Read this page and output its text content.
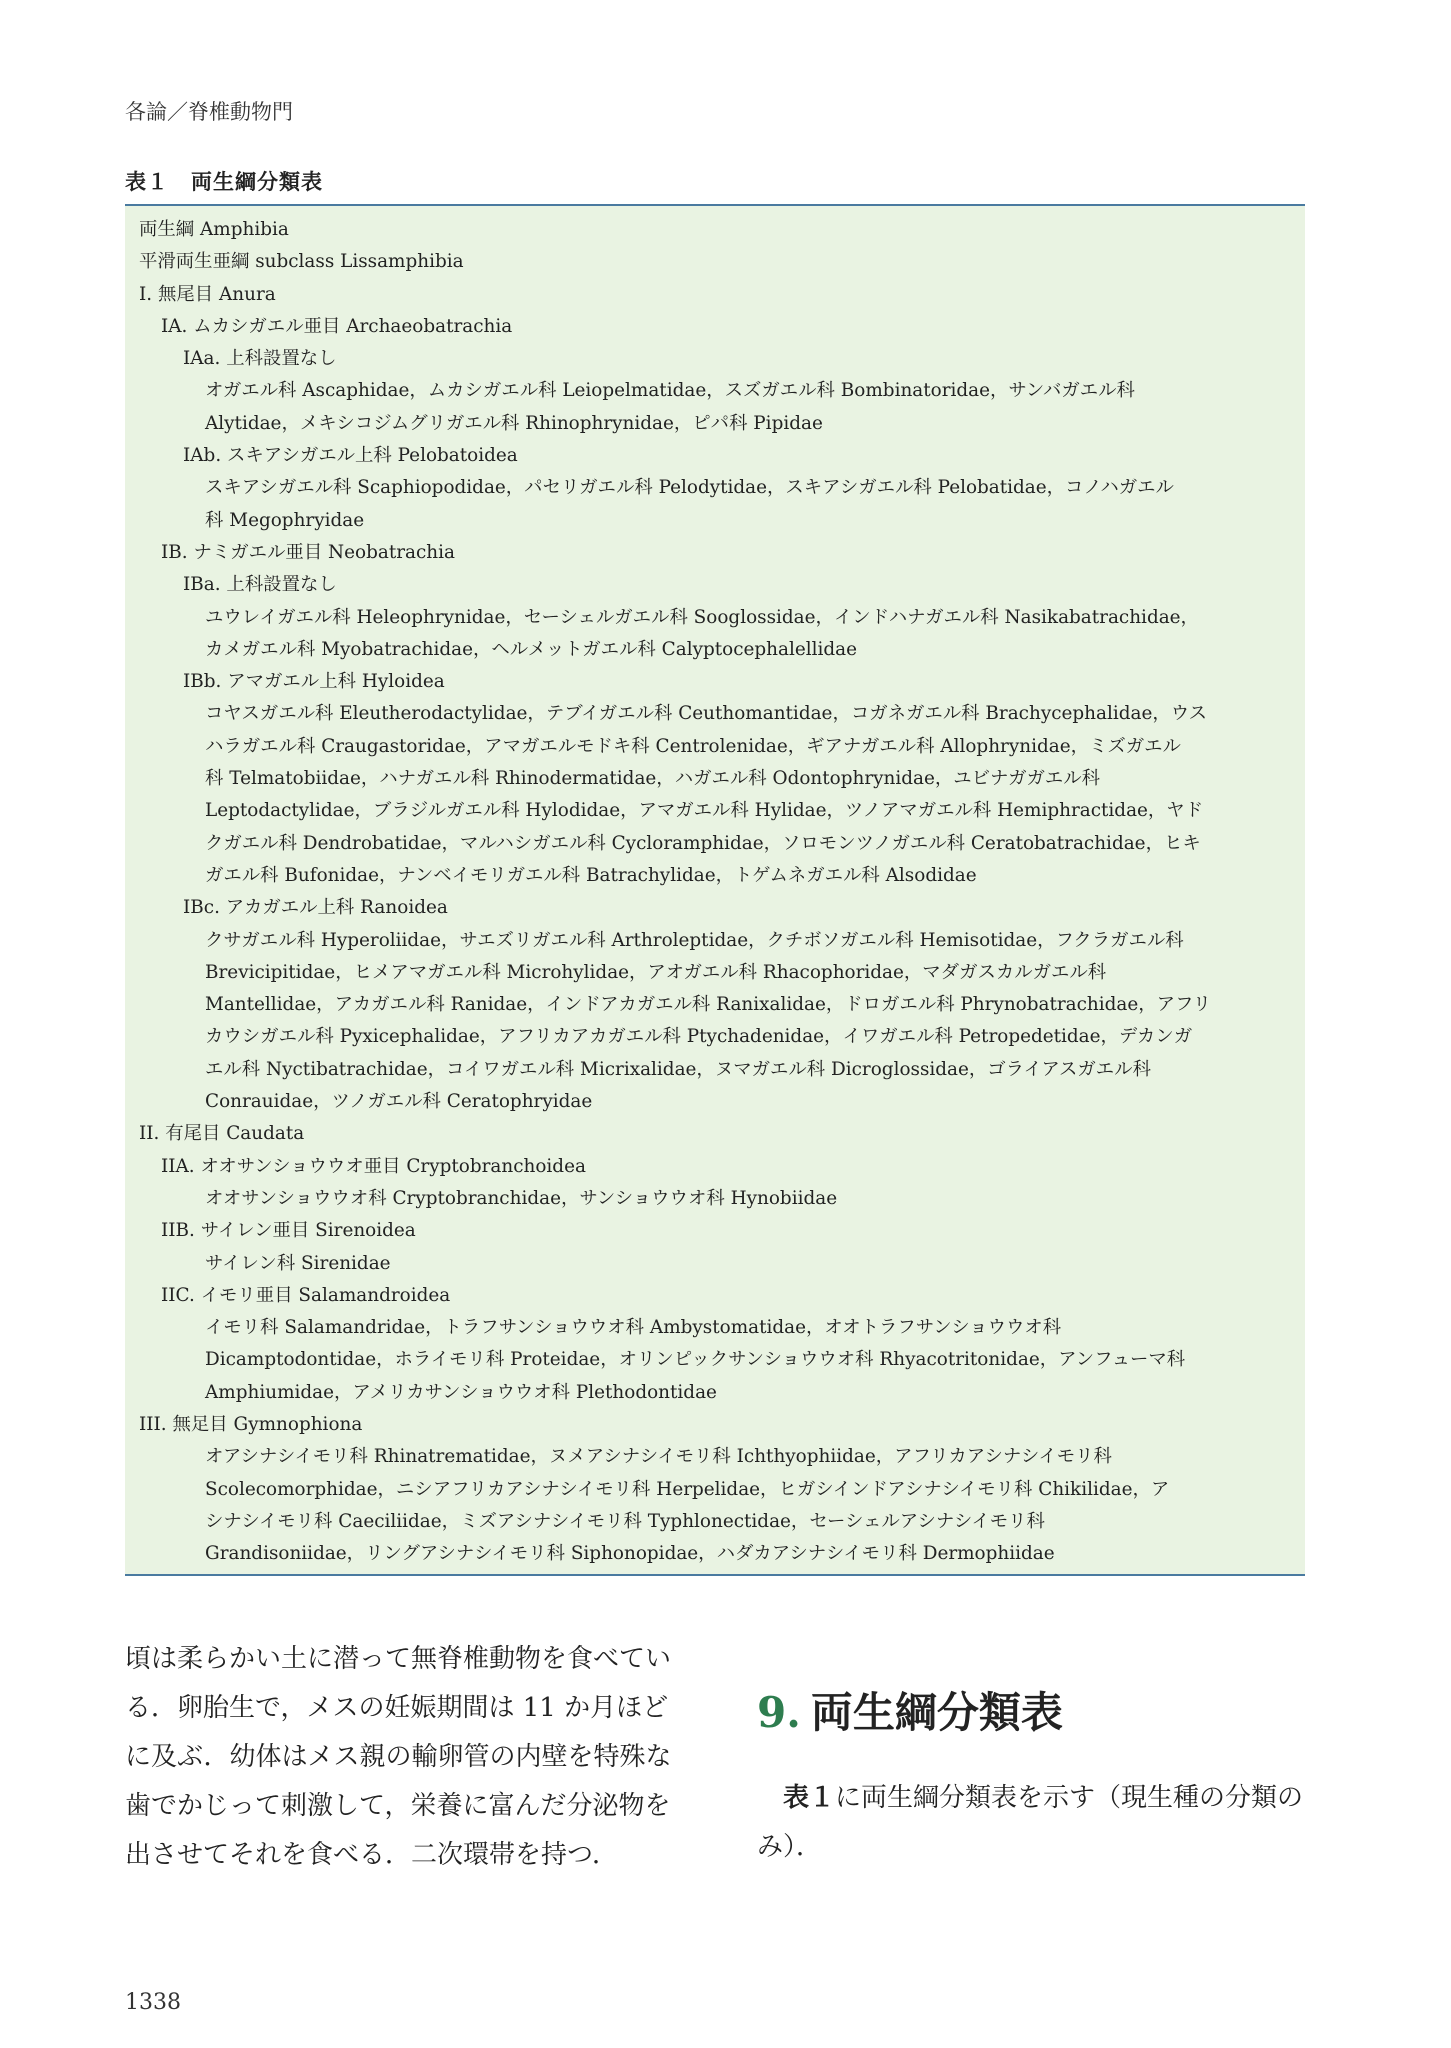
各論／脊椎動物門
表１　両生綱分類表
両生綱 Amphibia
平滑両生亜綱 subclass Lissamphibia
I. 無尾目 Anura
IA. ムカシガエル亜目 Archaeobatrachia
IAa. 上科設置なし
オガエル科 Ascaphidae，ムカシガエル科 Leiopelmatidae，スズガエル科 Bombinatoridae，サンバガエル科
Alytidae，メキシコジムグリガエル科 Rhinophrynidae，ピパ科 Pipidae
IAb. スキアシガエル上科 Pelobatoidea
スキアシガエル科 Scaphiopodidae，パセリガエル科 Pelodytidae，スキアシガエル科 Pelobatidae，コノハガエル
科 Megophryidae
IB. ナミガエル亜目 Neobatrachia
IBa. 上科設置なし
ユウレイガエル科 Heleophrynidae，セーシェルガエル科 Sooglossidae，インドハナガエル科 Nasikabatrachidae，
カメガエル科 Myobatrachidae，ヘルメットガエル科 Calyptocephalellidae
IBb. アマガエル上科 Hyloidea
コヤスガエル科 Eleutherodactylidae，テブイガエル科 Ceuthomantidae，コガネガエル科 Brachycephalidae，ウス
ハラガエル科 Craugastoridae，アマガエルモドキ科 Centrolenidae，ギアナガエル科 Allophrynidae，ミズガエル
科 Telmatobiidae，ハナガエル科 Rhinodermatidae，ハガエル科 Odontophrynidae，ユビナガガエル科
Leptodactylidae，ブラジルガエル科 Hylodidae，アマガエル科 Hylidae，ツノアマガエル科 Hemiphractidae，ヤド
クガエル科 Dendrobatidae，マルハシガエル科 Cycloramphidae，ソロモンツノガエル科 Ceratobatrachidae，ヒキ
ガエル科 Bufonidae，ナンベイモリガエル科 Batrachylidae，トゲムネガエル科 Alsodidae
IBc. アカガエル上科 Ranoidea
クサガエル科 Hyperoliidae，サエズリガエル科 Arthroleptidae，クチボソガエル科 Hemisotidae，フクラガエル科
Brevicipitidae，ヒメアマガエル科 Microhylidae，アオガエル科 Rhacophoridae，マダガスカルガエル科
Mantellidae，アカガエル科 Ranidae，インドアカガエル科 Ranixalidae，ドロガエル科 Phrynobatrachidae，アフリ
カウシガエル科 Pyxicephalidae，アフリカアカガエル科 Ptychadenidae，イワガエル科 Petropedetidae，デカンガ
エル科 Nyctibatrachidae，コイワガエル科 Micrixalidae，ヌマガエル科 Dicroglossidae，ゴライアスガエル科
Conrauidae，ツノガエル科 Ceratophryidae
II. 有尾目 Caudata
IIA. オオサンショウウオ亜目 Cryptobranchoidea
オオサンショウウオ科 Cryptobranchidae，サンショウウオ科 Hynobiidae
IIB. サイレン亜目 Sirenoidea
サイレン科 Sirenidae
IIC. イモリ亜目 Salamandroidea
イモリ科 Salamandridae，トラフサンショウウオ科 Ambystomatidae，オオトラフサンショウウオ科
Dicamptodontidae，ホライモリ科 Proteidae，オリンピックサンショウウオ科 Rhyacotritonidae，アンフューマ科
Amphiumidae，アメリカサンショウウオ科 Plethodontidae
III. 無足目 Gymnophiona
オアシナシイモリ科 Rhinatrematidae，ヌメアシナシイモリ科 Ichthyophiidae，アフリカアシナシイモリ科
Scolecomorphidae，ニシアフリカアシナシイモリ科 Herpelidae，ヒガシインドアシナシイモリ科 Chikilidae，ア
シナシイモリ科 Caeciliidae，ミズアシナシイモリ科 Typhlonectidae，セーシェルアシナシイモリ科
Grandisoniidae，リングアシナシイモリ科 Siphonopidae，ハダカアシナシイモリ科 Dermophiidae
頃は柔らかい土に潜って無脊椎動物を食べてい
る．卵胎生で，メスの妊娠期間は 11 か月ほど
に及ぶ．幼体はメス親の輸卵管の内壁を特殊な
歯でかじって刺激して，栄養に富んだ分泌物を
出させてそれを食べる．二次環帯を持つ．
9. 両生綱分類表
表１に両生綱分類表を示す（現生種の分類の
み）．
1338
